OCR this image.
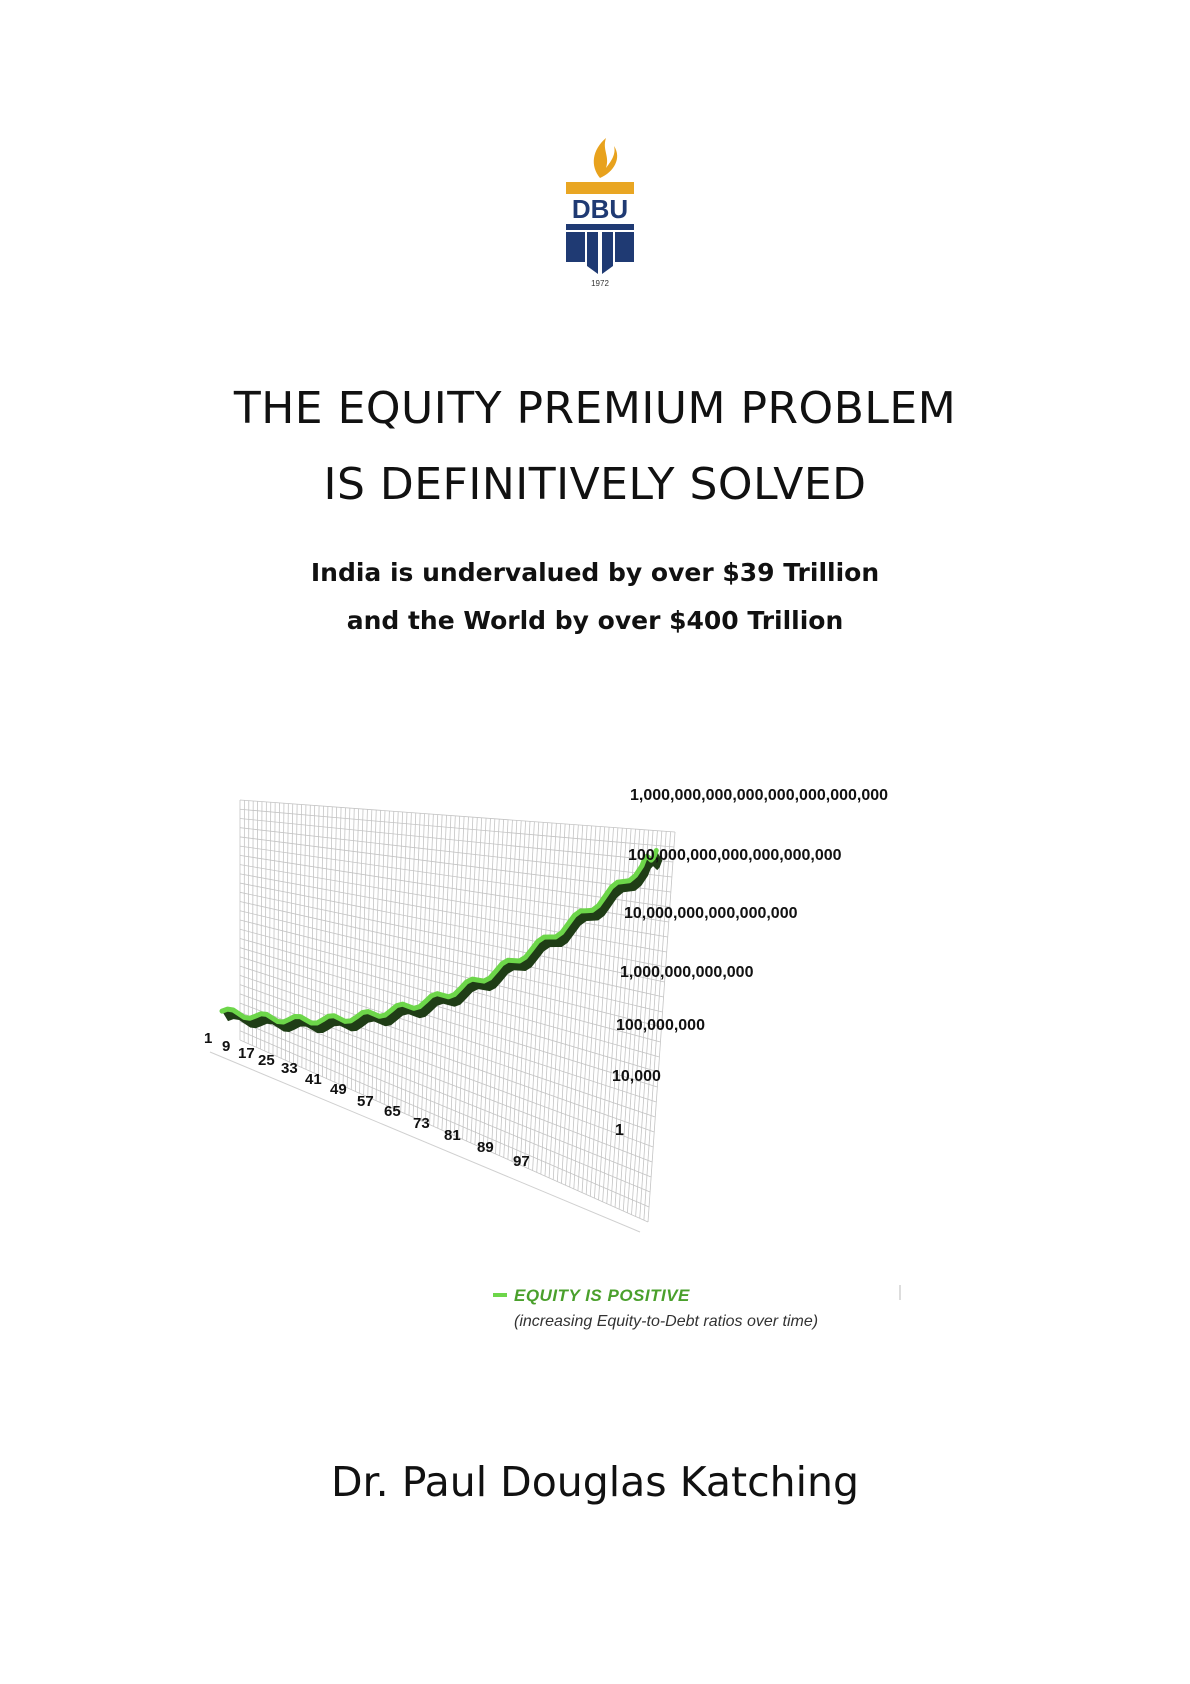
DBU
1972
THE EQUITY PREMIUM PROBLEM
IS DEFINITIVELY SOLVED

India is undervalued by over $39 Trillion

and the World by over $400 Trillion

1
10,000
100,000,000
1,000,000,000,000
10,000,000,000,000,000
100,000,000,000,000,000,000
1,000,000,000,000,000,000,000,000
1 9 17 25 33
41
49
57
65
73
81
89
97
EQUITY IS POSITIVE
(increasing Equity-to-Debt ratios over time)

Dr. Paul Douglas Katching
